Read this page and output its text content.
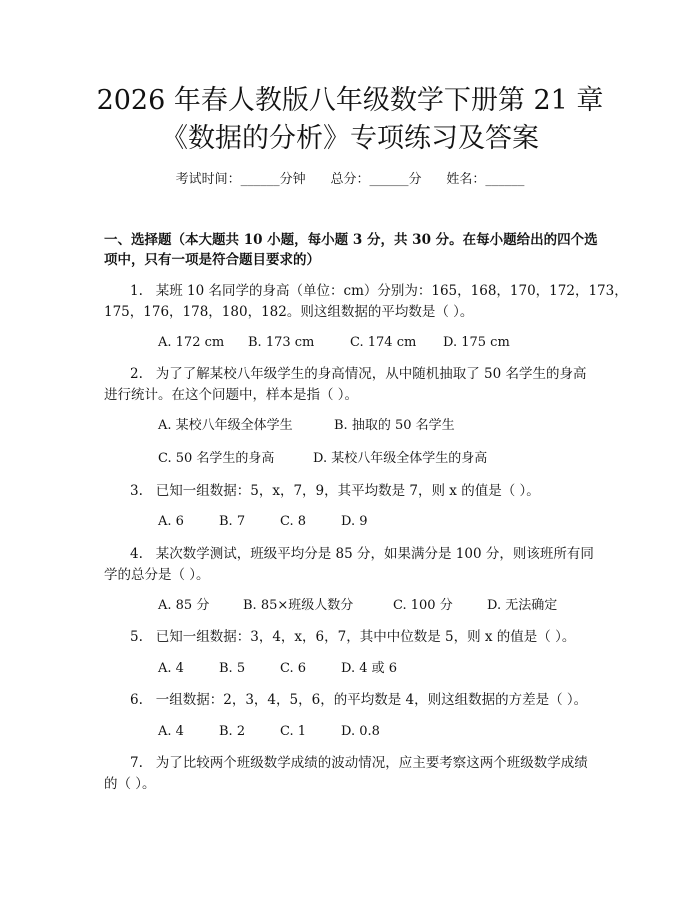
2026 年春人教版八年级数学下册第 21 章
《数据的分析》专项练习及答案
考试时间：______分钟 总分：______分 姓名：______
一、选择题（本大题共 10 小题，每小题 3 分，共 30 分。在每小题给出的四个选
项中，只有一项是符合题目要求的）
1.   某班 10 名同学的身高（单位：cm）分别为：165，168，170，172，173，
175，176，178，180，182。则这组数据的平均数是（ ）。
A. 172 cm B. 173 cm	C. 174 cm D. 175 cm
2.   为了了解某校八年级学生的身高情况，从中随机抽取了 50 名学生的身高
进行统计。在这个问题中，样本是指（ ）。
A. 某校八年级全体学生	B. 抽取的 50 名学生
C. 50 名学生的身高	D. 某校八年级全体学生的身高
3.   已知一组数据：5，x，7，9，其平均数是 7，则 x 的值是（ ）。
A. 6	B. 7	C. 8	D. 9
4.   某次数学测试，班级平均分是 85 分，如果满分是 100 分，则该班所有同
学的总分是（ ）。
A. 85 分	B. 85×班级人数分	C. 100 分	D. 无法确定
5.   已知一组数据：3，4，x，6，7，其中中位数是 5，则 x 的值是（ ）。
A. 4	B. 5	C. 6	D. 4 或 6
6.   一组数据：2，3，4，5，6，的平均数是 4，则这组数据的方差是（ ）。
A. 4	B. 2	C. 1	D. 0.8
7.   为了比较两个班级数学成绩的波动情况，应主要考察这两个班级数学成绩
的（ ）。
